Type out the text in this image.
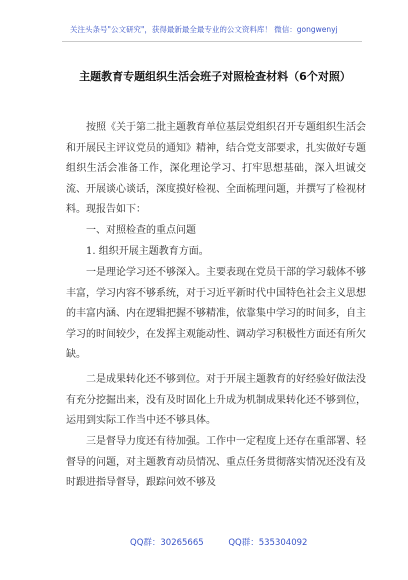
关注头条号"公文研究"，获得最新最全最专业的公文资料库！ 微信：gongwenyj
主题教育专题组织生活会班子对照检查材料（6个对照）

按照《关于第二批主题教育单位基层党组织召开专题组织生活会和开展民主评议党员的通知》精神，结合党支部要求，扎实做好专题组织生活会准备工作，深化理论学习、打牢思想基础，深入坦诚交流、开展谈心谈话，深度摸好检视、全面梳理问题，并撰写了检视材料。现报告如下：

一、对照检查的重点问题

1. 组织开展主题教育方面。

一是理论学习还不够深入。主要表现在党员干部的学习载体不够丰富，学习内容不够系统，对于习近平新时代中国特色社会主义思想的丰富内涵、内在逻辑把握不够精准，依靠集中学习的时间多，自主学习的时间较少，在发挥主观能动性、调动学习积极性方面还有所欠缺。

二是成果转化还不够到位。对于开展主题教育的好经验好做法没有充分挖掘出来，没有及时固化上升成为机制成果转化还不够到位，运用到实际工作当中还不够具体。

三是督导力度还有待加强。工作中一定程度上还存在重部署、轻督导的问题，对主题教育动员情况、重点任务贯彻落实情况还没有及时跟进指导督导，跟踪问效不够及

QQ群：30265665	QQ群：535304092
